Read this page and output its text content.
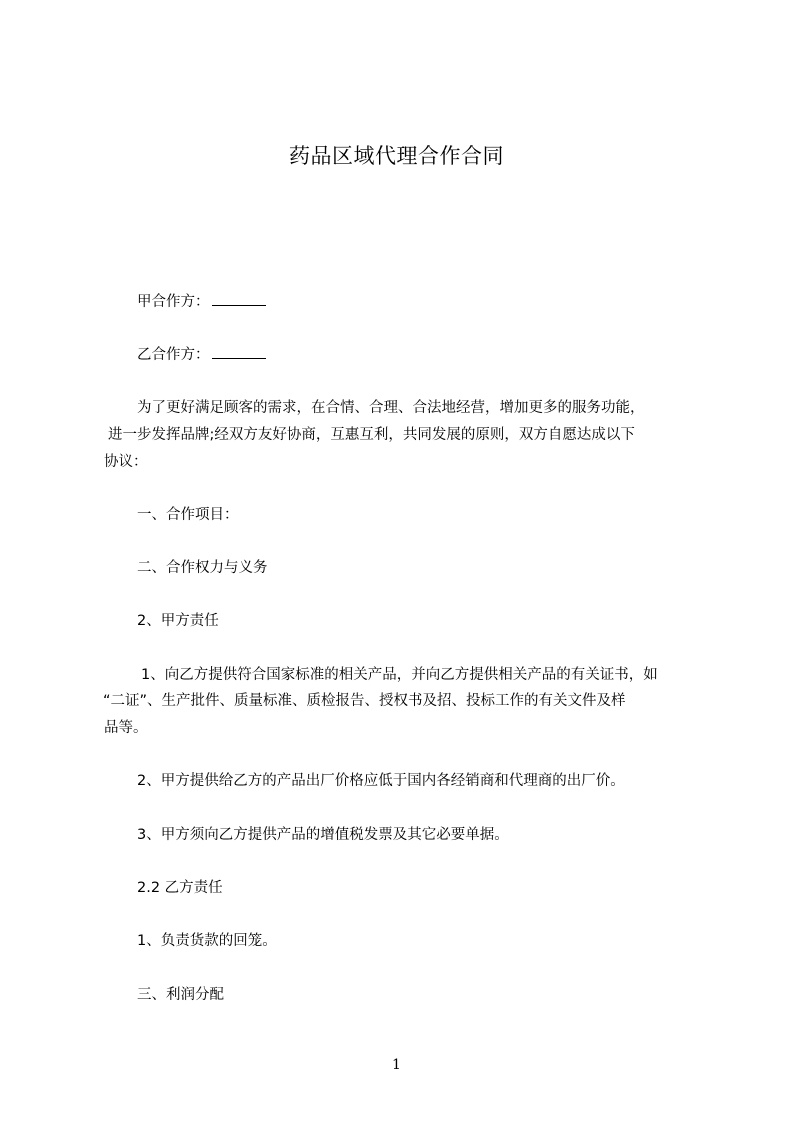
药品区域代理合作合同
甲合作方：
乙合作方：
为了更好满足顾客的需求，在合情、合理、合法地经营，增加更多的服务功能，
进一步发挥品牌;经双方友好协商，互惠互利，共同发展的原则，双方自愿达成以下
协议：
一、合作项目：
二、合作权力与义务
2、甲方责任
1、向乙方提供符合国家标准的相关产品，并向乙方提供相关产品的有关证书，如
“二证”、生产批件、质量标准、质检报告、授权书及招、投标工作的有关文件及样
品等。
2、甲方提供给乙方的产品出厂价格应低于国内各经销商和代理商的出厂价。
3、甲方须向乙方提供产品的增值税发票及其它必要单据。
2.2 乙方责任
1、负责货款的回笼。
三、利润分配
1
